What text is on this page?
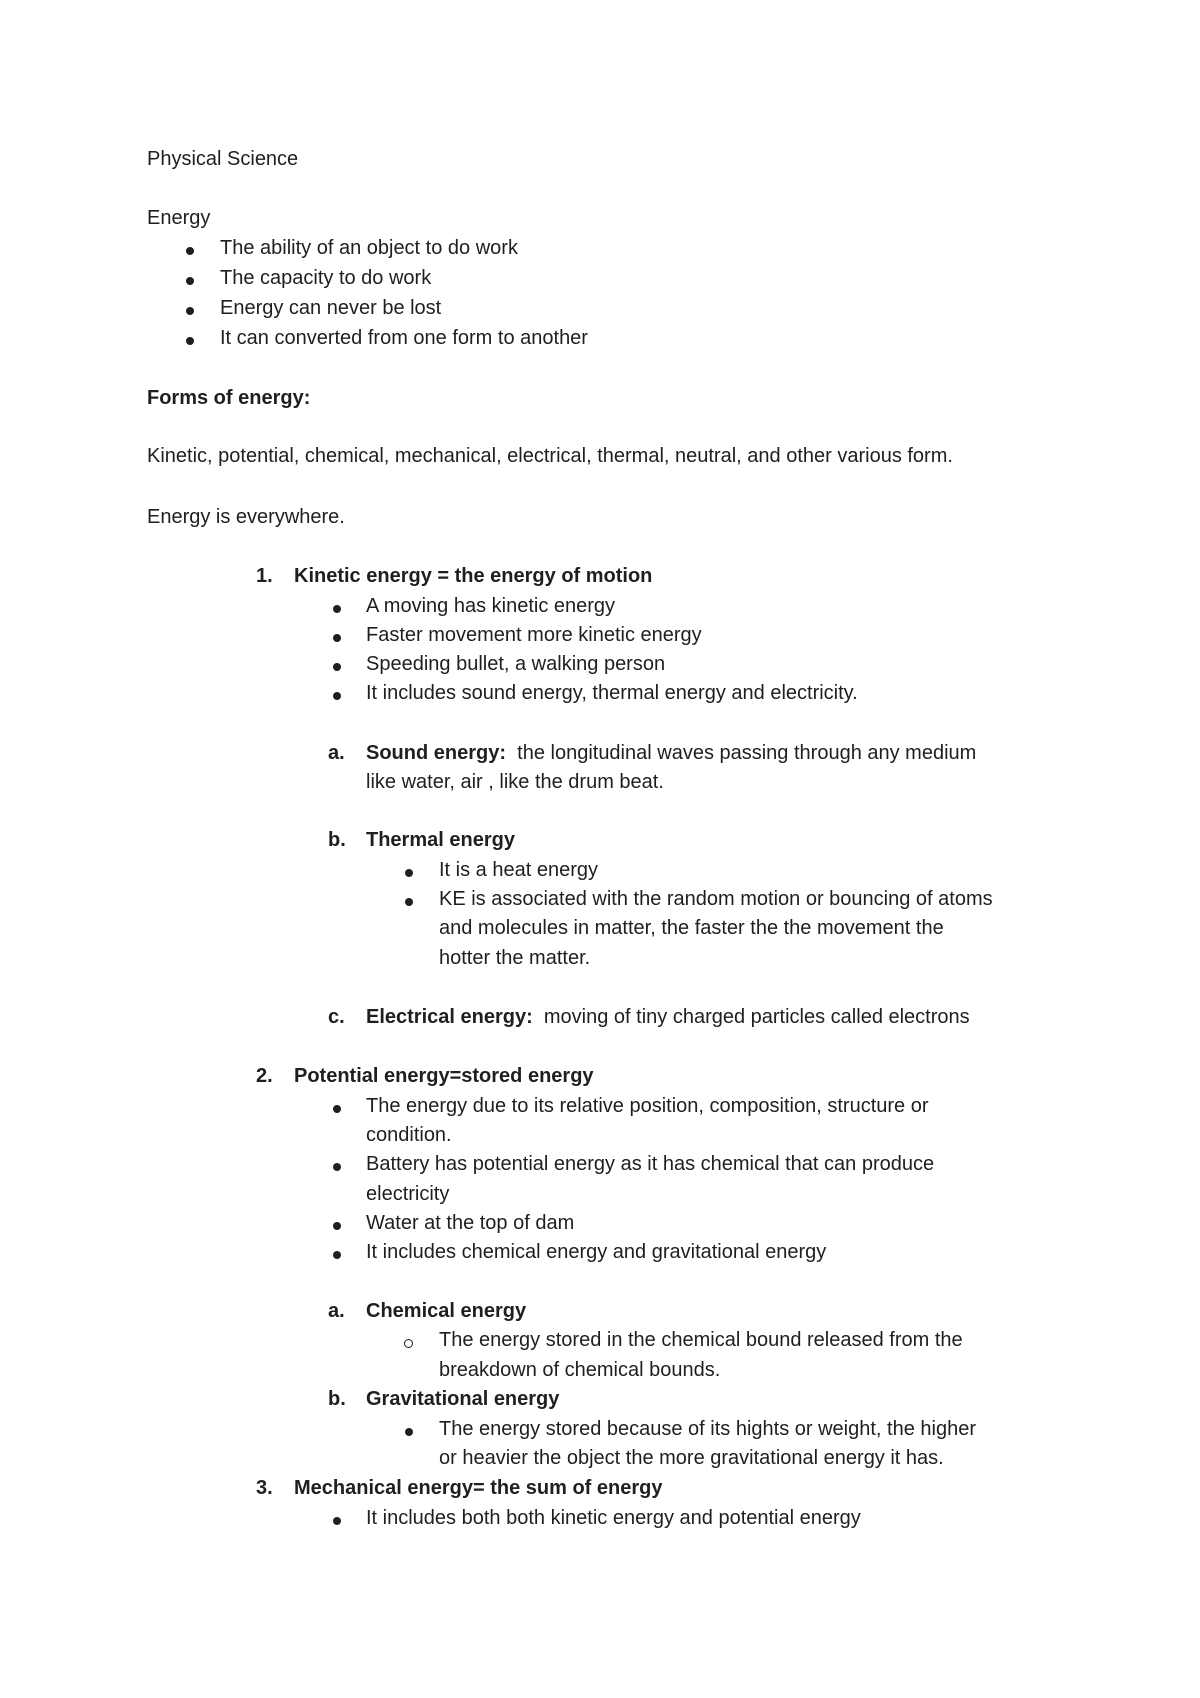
Physical Science
Energy
The ability of an object to do work
The capacity to do work
Energy can never be lost
It can converted from one form to another
Forms of energy:
Kinetic, potential, chemical, mechanical, electrical, thermal, neutral, and other various form.
Energy is everywhere.
1. Kinetic energy = the energy of motion
A moving has kinetic energy
Faster movement more kinetic energy
Speeding bullet, a walking person
It includes sound energy, thermal energy and electricity.
a. Sound energy: the longitudinal waves passing through any medium
like water, air , like the drum beat.
b. Thermal energy
It is a heat energy
KE is associated with the random motion or bouncing of atoms
and molecules in matter, the faster the the movement the
hotter the matter.
c. Electrical energy: moving of tiny charged particles called electrons
2. Potential energy=stored energy
The energy due to its relative position, composition, structure or
condition.
Battery has potential energy as it has chemical that can produce
electricity
Water at the top of dam
It includes chemical energy and gravitational energy
a. Chemical energy
The energy stored in the chemical bound released from the
breakdown of chemical bounds.
b. Gravitational energy
The energy stored because of its hights or weight, the higher
or heavier the object the more gravitational energy it has.
3. Mechanical energy= the sum of energy
It includes both both kinetic energy and potential energy
